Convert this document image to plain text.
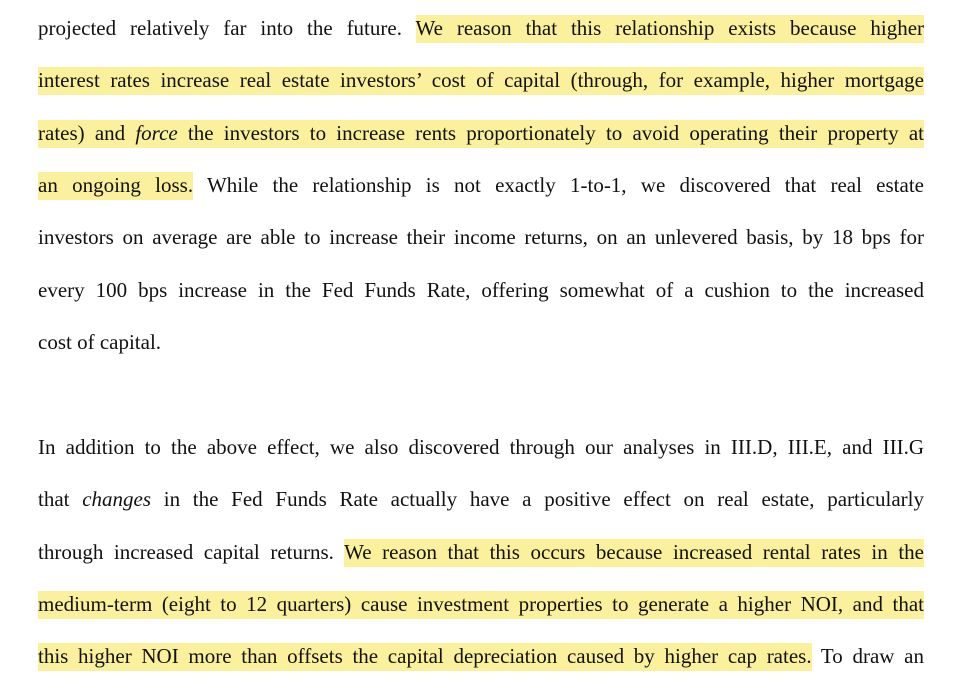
projected relatively far into the future. We reason that this relationship exists because higher
interest rates increase real estate investors’ cost of capital (through, for example, higher mortgage
rates) and force the investors to increase rents proportionately to avoid operating their property at
an ongoing loss. While the relationship is not exactly 1-to-1, we discovered that real estate
investors on average are able to increase their income returns, on an unlevered basis, by 18 bps for
every 100 bps increase in the Fed Funds Rate, offering somewhat of a cushion to the increased
cost of capital.
In addition to the above effect, we also discovered through our analyses in III.D, III.E, and III.G
that changes in the Fed Funds Rate actually have a positive effect on real estate, particularly
through increased capital returns. We reason that this occurs because increased rental rates in the
medium-term (eight to 12 quarters) cause investment properties to generate a higher NOI, and that
this higher NOI more than offsets the capital depreciation caused by higher cap rates. To draw an
